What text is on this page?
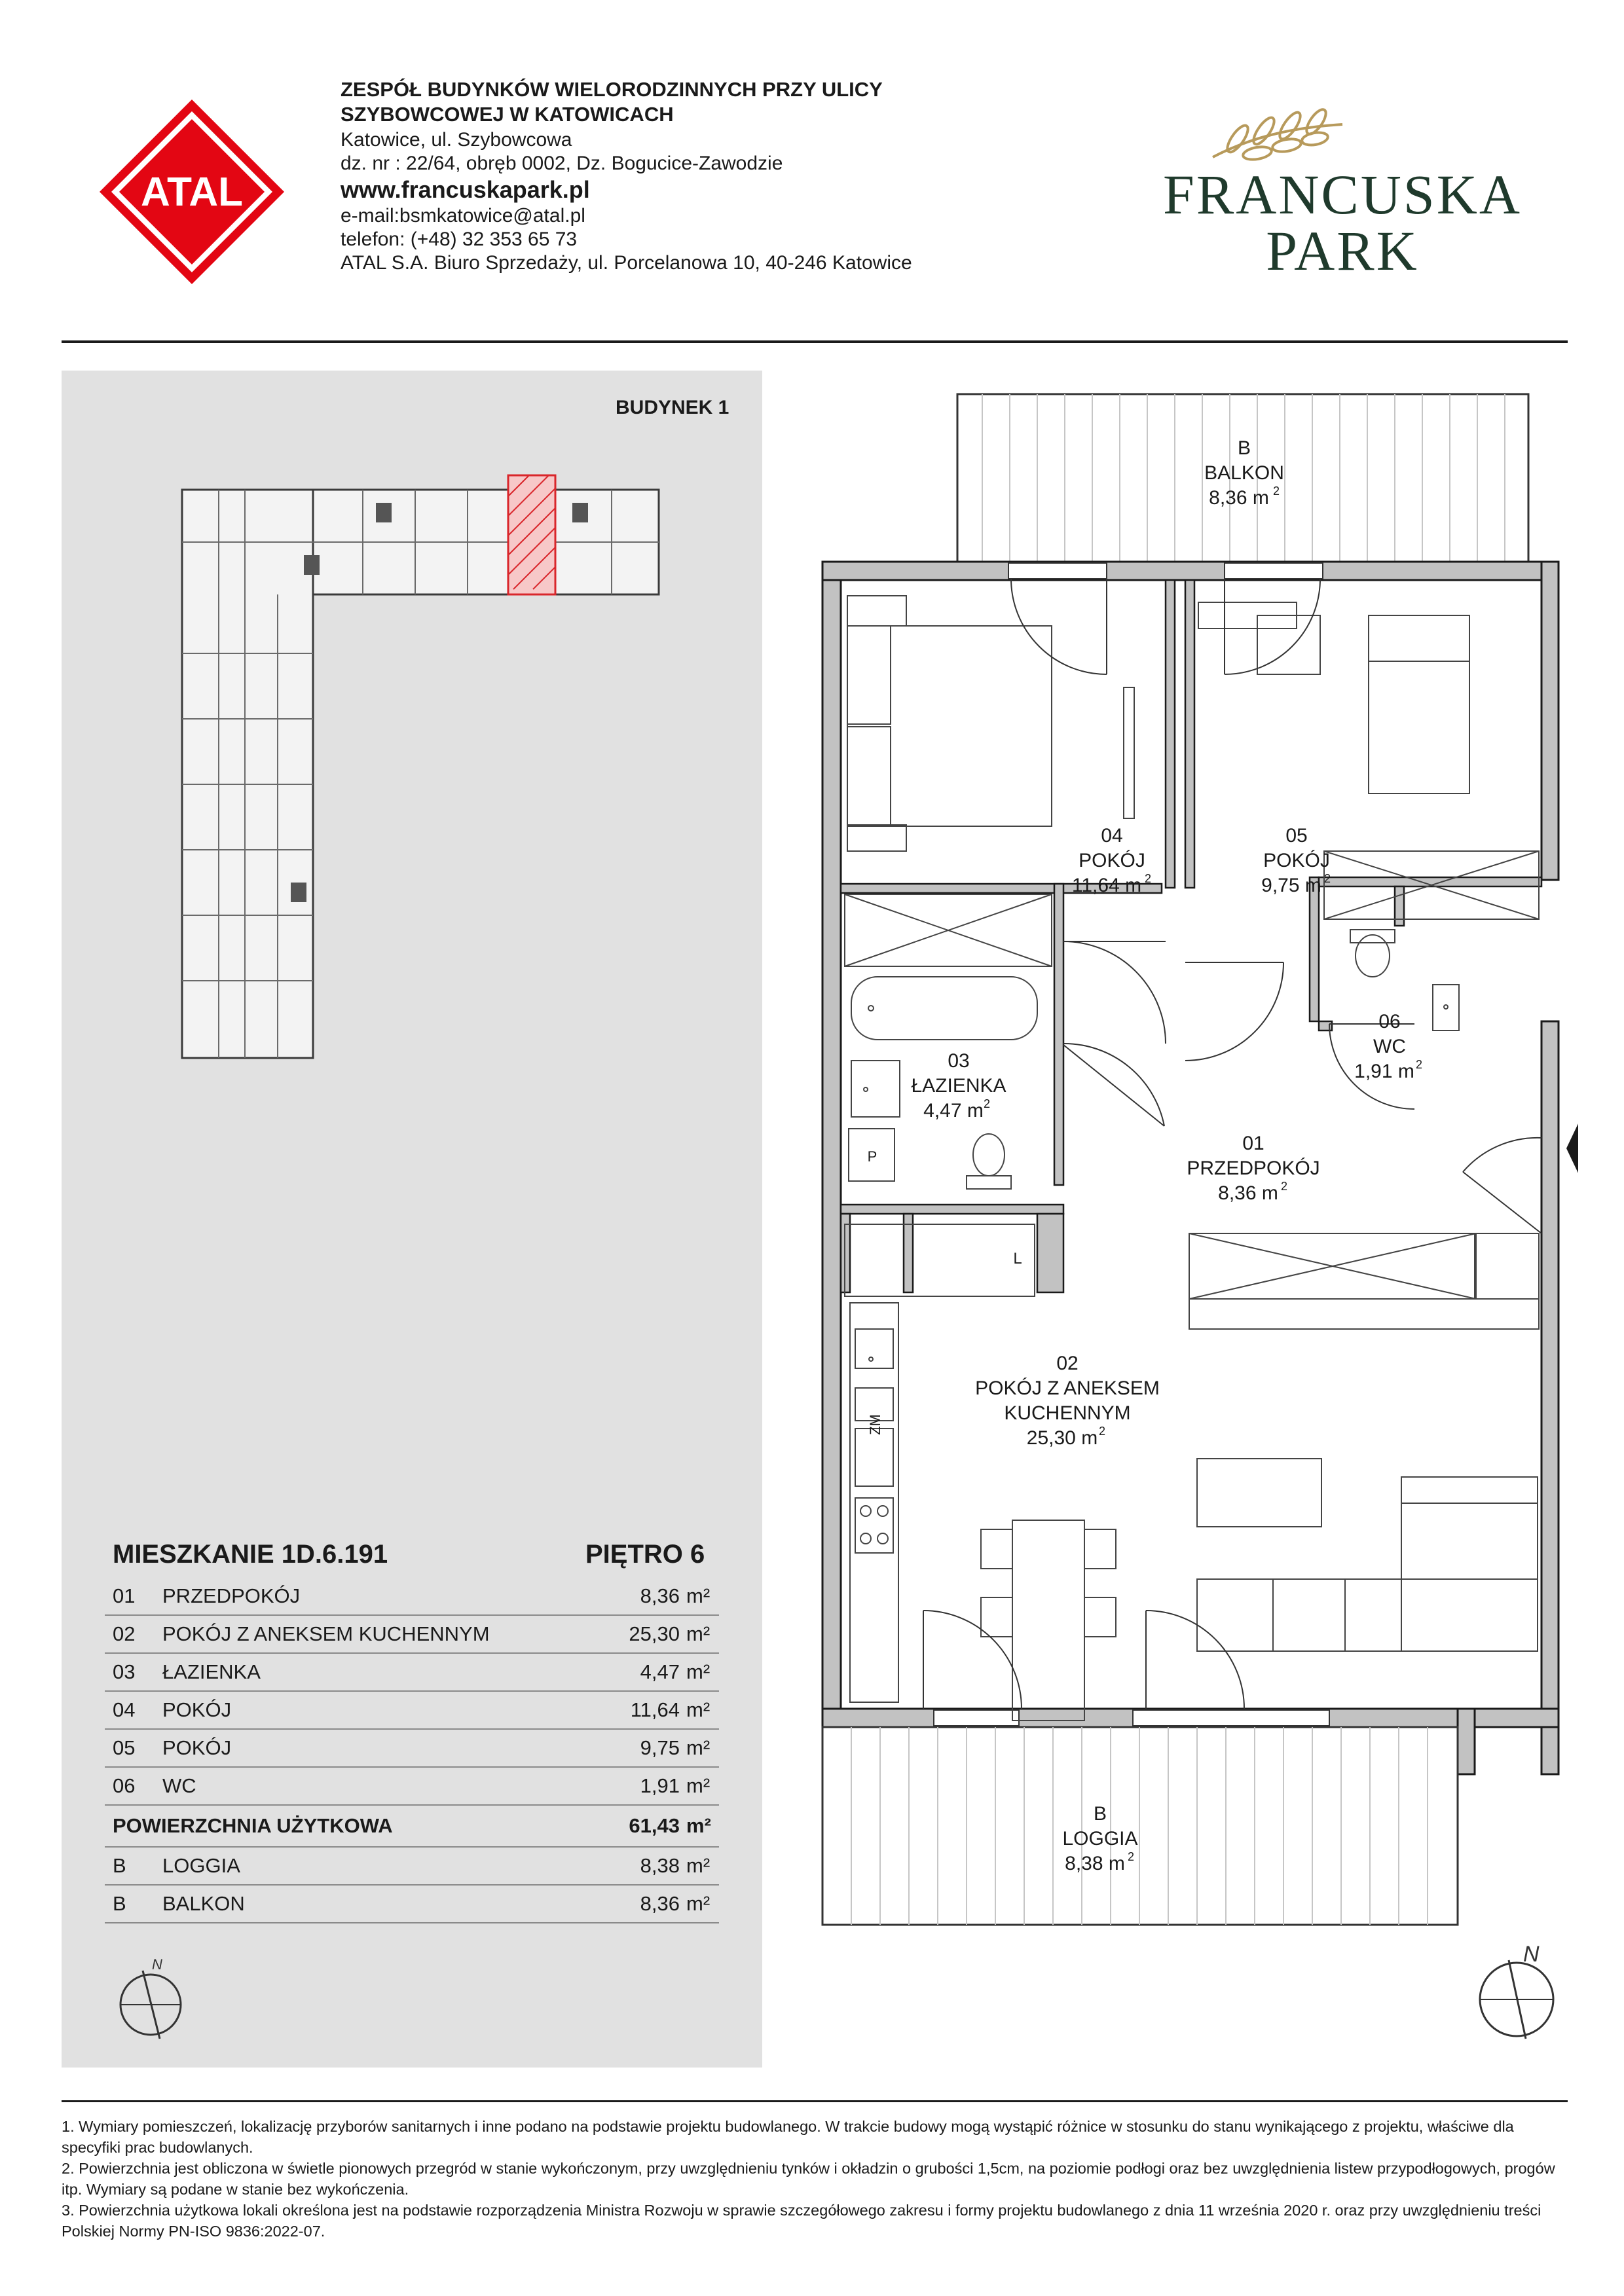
ATAL
ZESPÓŁ BUDYNKÓW WIELORODZINNYCH PRZY ULICY
SZYBOWCOWEJ W KATOWICACH
Katowice, ul. Szybowcowa
dz. nr : 22/64, obręb 0002, Dz. Bogucice-Zawodzie
www.francuskapark.pl
e-mail:bsmkatowice@atal.pl
telefon: (+48) 32 353 65 73
ATAL S.A. Biuro Sprzedaży, ul. Porcelanowa 10, 40-246 Katowice
FRANCUSKA
PARK
BUDYNEK 1
MIESZKANIE 1D.6.191	PIĘTRO 6
01	PRZEDPOKÓJ	8,36	m²
02	POKÓJ Z ANEKSEM KUCHENNYM	25,30	m²
03	ŁAZIENKA	4,47	m²
04	POKÓJ	11,64	m²
05	POKÓJ	9,75	m²
06	WC	1,91	m²
POWIERZCHNIA UŻYTKOWA		61,43	m²
B	LOGGIA	8,38	m²
B	BALKON	8,36	m²
N
B
BALKON
8,36 m 2
04
POKÓJ
11,64 m 2
05
POKÓJ
9,75 m 2
06
WC
1,91 m 2
03
ŁAZIENKA
4,47 m 2
01
PRZEDPOKÓJ
8,36 m 2
02
POKÓJ Z ANEKSEM
KUCHENNYM
25,30 m 2
B
LOGGIA
8,38 m 2
L
ZM
P
N

1. Wymiary pomieszczeń, lokalizację przyborów sanitarnych i inne podano na podstawie projektu budowlanego. W trakcie budowy mogą wystąpić różnice w stosunku do stanu wynikającego z projektu, właściwe dla specyfiki prac budowlanych.

2. Powierzchnia jest obliczona w świetle pionowych przegród w stanie wykończonym, przy uwzględnieniu tynków i okładzin o grubości 1,5cm, na poziomie podłogi oraz bez uwzględnienia listew przypodłogowych, progów itp. Wymiary są podane w stanie bez wykończenia.

3. Powierzchnia użytkowa lokali określona jest na podstawie rozporządzenia Ministra Rozwoju w sprawie szczegółowego zakresu i formy projektu budowlanego z dnia 11 września 2020 r. oraz przy uwzględnieniu treści Polskiej Normy PN-ISO 9836:2022-07.
